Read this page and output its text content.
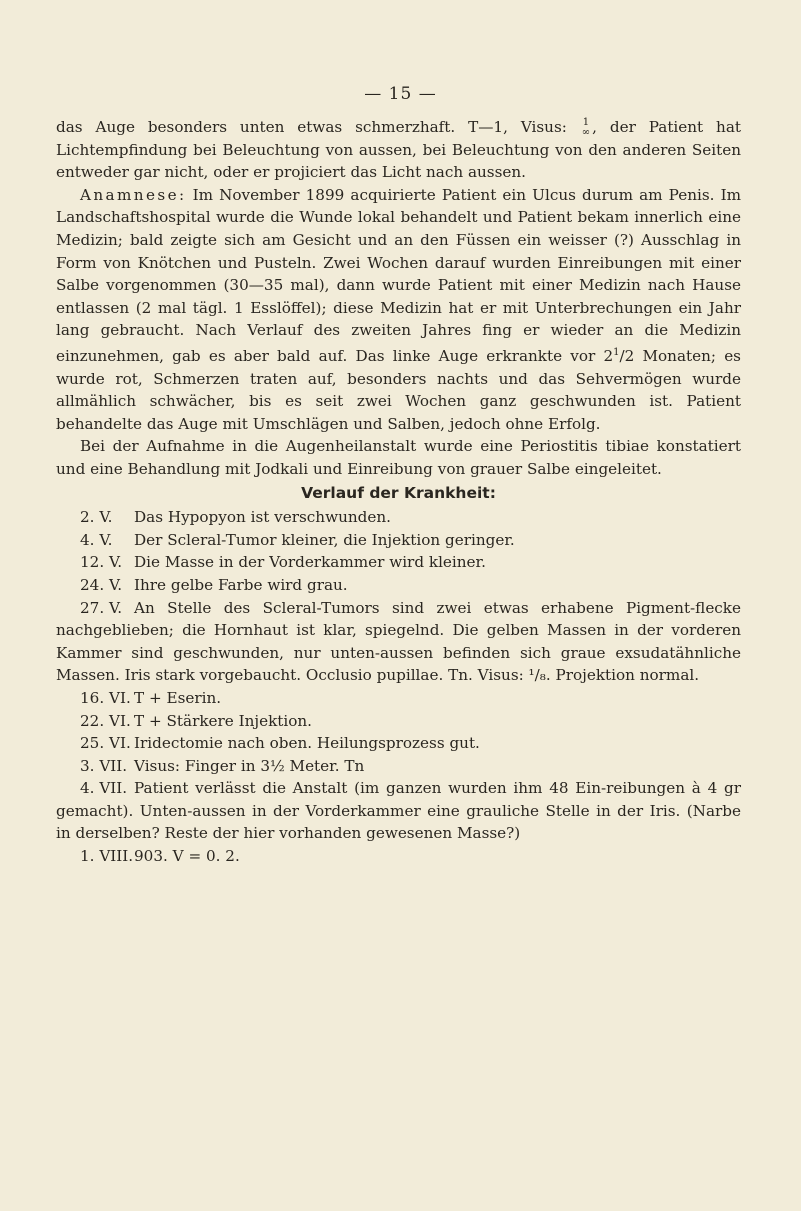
— 15 —

das Auge besonders unten etwas schmerzhaft. T—1, Visus: 1
∞ , der Patient hat Lichtempfindung bei Beleuchtung von aussen, bei Beleuchtung von den anderen Seiten entweder gar nicht, oder er projiciert das Licht nach aussen.

Anamnese: Im November 1899 acquirierte Patient ein Ulcus durum am Penis. Im Landschaftshospital wurde die Wunde lokal behandelt und Patient bekam innerlich eine Medizin; bald zeigte sich am Gesicht und an den Füssen ein weisser (?) Ausschlag in Form von Knötchen und Pusteln. Zwei Wochen darauf wurden Einreibungen mit einer Salbe vorgenommen (30—35 mal), dann wurde Patient mit einer Medizin nach Hause entlassen (2 mal tägl. 1 Esslöffel); diese Medizin hat er mit Unterbrechungen ein Jahr lang gebraucht. Nach Verlauf des zweiten Jahres fing er wieder an die Medizin einzunehmen, gab es aber bald auf. Das linke Auge erkrankte vor $2^1/2$ Monaten; es wurde rot, Schmerzen traten auf, besonders nachts und das Sehvermögen wurde allmählich schwächer, bis es seit zwei Wochen ganz geschwunden ist. Patient behandelte das Auge mit Umschlägen und Salben, jedoch ohne Erfolg.

Bei der Aufnahme in die Augenheilanstalt wurde eine Periostitis tibiae konstatiert und eine Behandlung mit Jodkali und Einreibung von grauer Salbe eingeleitet.

Verlauf der Krankheit:

2. V. Das Hypopyon ist verschwunden.

4. V. Der Scleral-Tumor kleiner, die Injektion geringer.

12. V. Die Masse in der Vorderkammer wird kleiner.

24. V. Ihre gelbe Farbe wird grau.

27. V. An Stelle des Scleral-Tumors sind zwei etwas erhabene Pigment-flecke nachgeblieben; die Hornhaut ist klar, spiegelnd. Die gelben Massen in der vorderen Kammer sind geschwunden, nur unten-aussen befinden sich graue exsudatähnliche Massen. Iris stark vorgebaucht. Occlusio pupillae. Tn. Visus: ¹/₈. Projektion normal.

16. VI. T + Eserin.

22. VI. T + Stärkere Injektion.

25. VI. Iridectomie nach oben. Heilungsprozess gut.

3. VII. Visus: Finger in 3½ Meter. Tn

4. VII. Patient verlässt die Anstalt (im ganzen wurden ihm 48 Ein-reibungen à 4 gr gemacht). Unten-aussen in der Vorderkammer eine grauliche Stelle in der Iris. (Narbe in derselben? Reste der hier vorhanden gewesenen Masse?)

1. VIII.903. V = 0. 2.
